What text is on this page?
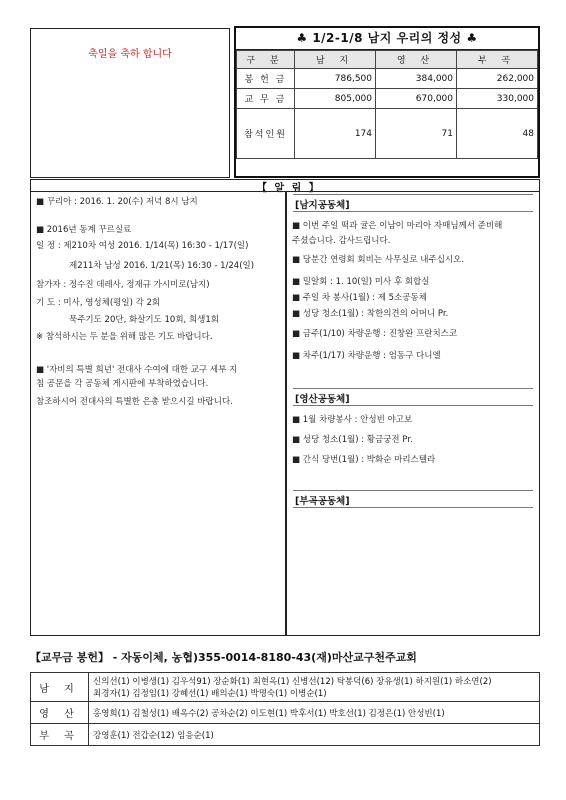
축일을 축하 합니다
♣ 1/2-1/8 남지 우리의 정성 ♣
구 분	남 지	영 산	부 곡
봉 헌 금	786,500	384,000	262,000
교 무 금	805,000	670,000	330,000
참석인원	174	71	48
【 알 림 】
■ 꾸리아 : 2016. 1. 20(수) 저녁 8시 남지
■ 2016년 동계 꾸르실료
일 정 : 제210차 여성 2016. 1/14(목) 16:30 - 1/17(일)
제211차 남성 2016. 1/21(목) 16:30 - 1/24(일)
참가자 : 정수진 데레사, 정재규 가시미로(남지)
기 도 : 미사, 영성체(평일) 각 2회
묵주기도 20단, 화살기도 10회, 희생1회
※ 참석하시는 두 분을 위해 많은 기도 바랍니다.
■ '자비의 특별 희년' 전대사 수여에 대한 교구 세부 지
침 공문을 각 공동체 게시판에 부착하였습니다.
참조하시어 전대사의 특별한 은총 받으시길 바랍니다.
[남지공동체]
■ 이번 주일 떡과 귤은 이남이 마리아 자매님께서 준비해
주셨습니다. 감사드립니다.
■ 당분간 연령회 회비는 사무실로 내주십시오.
■ 밀알회 : 1. 10(일) 미사 후 회합실
■ 주일 차 봉사(1월) : 제 5소공동체
■ 성당 청소(1월) : 착한의견의 어머니 Pr.
■ 금주(1/10) 차량운행 : 진창완 프란치스코
■ 차주(1/17) 차량운행 : 엄동구 다니엘
[영산공동체]
■ 1월 차량봉사 : 안성빈 야고보
■ 성당 청소(1월) : 황금궁전 Pr.
■ 간식 당번(1월) : 박화순 마리스텔라
[부곡공동체]
【교무금 봉헌】 - 자동이체, 농협)355-0014-8180-43(재)마산교구천주교회
남 지	신의선(1) 이병생(1) 김우석91) 장순화(1) 최현옥(1) 신병선(12) 탁봉덕(6) 장유생(1) 하지원(1) 하소연(2)
최경자(1) 김정임(1) 강혜선(1) 배의순(1) 박명숙(1) 이병순(1)

영 산	홍영희(1) 김철성(1) 배옥수(2) 공차순(2) 이도현(1) 박후서(1) 박호선(1) 김정은(1) 안성빈(1)

부 곡	강영훈(1) 전갑순(12) 임응순(1)
